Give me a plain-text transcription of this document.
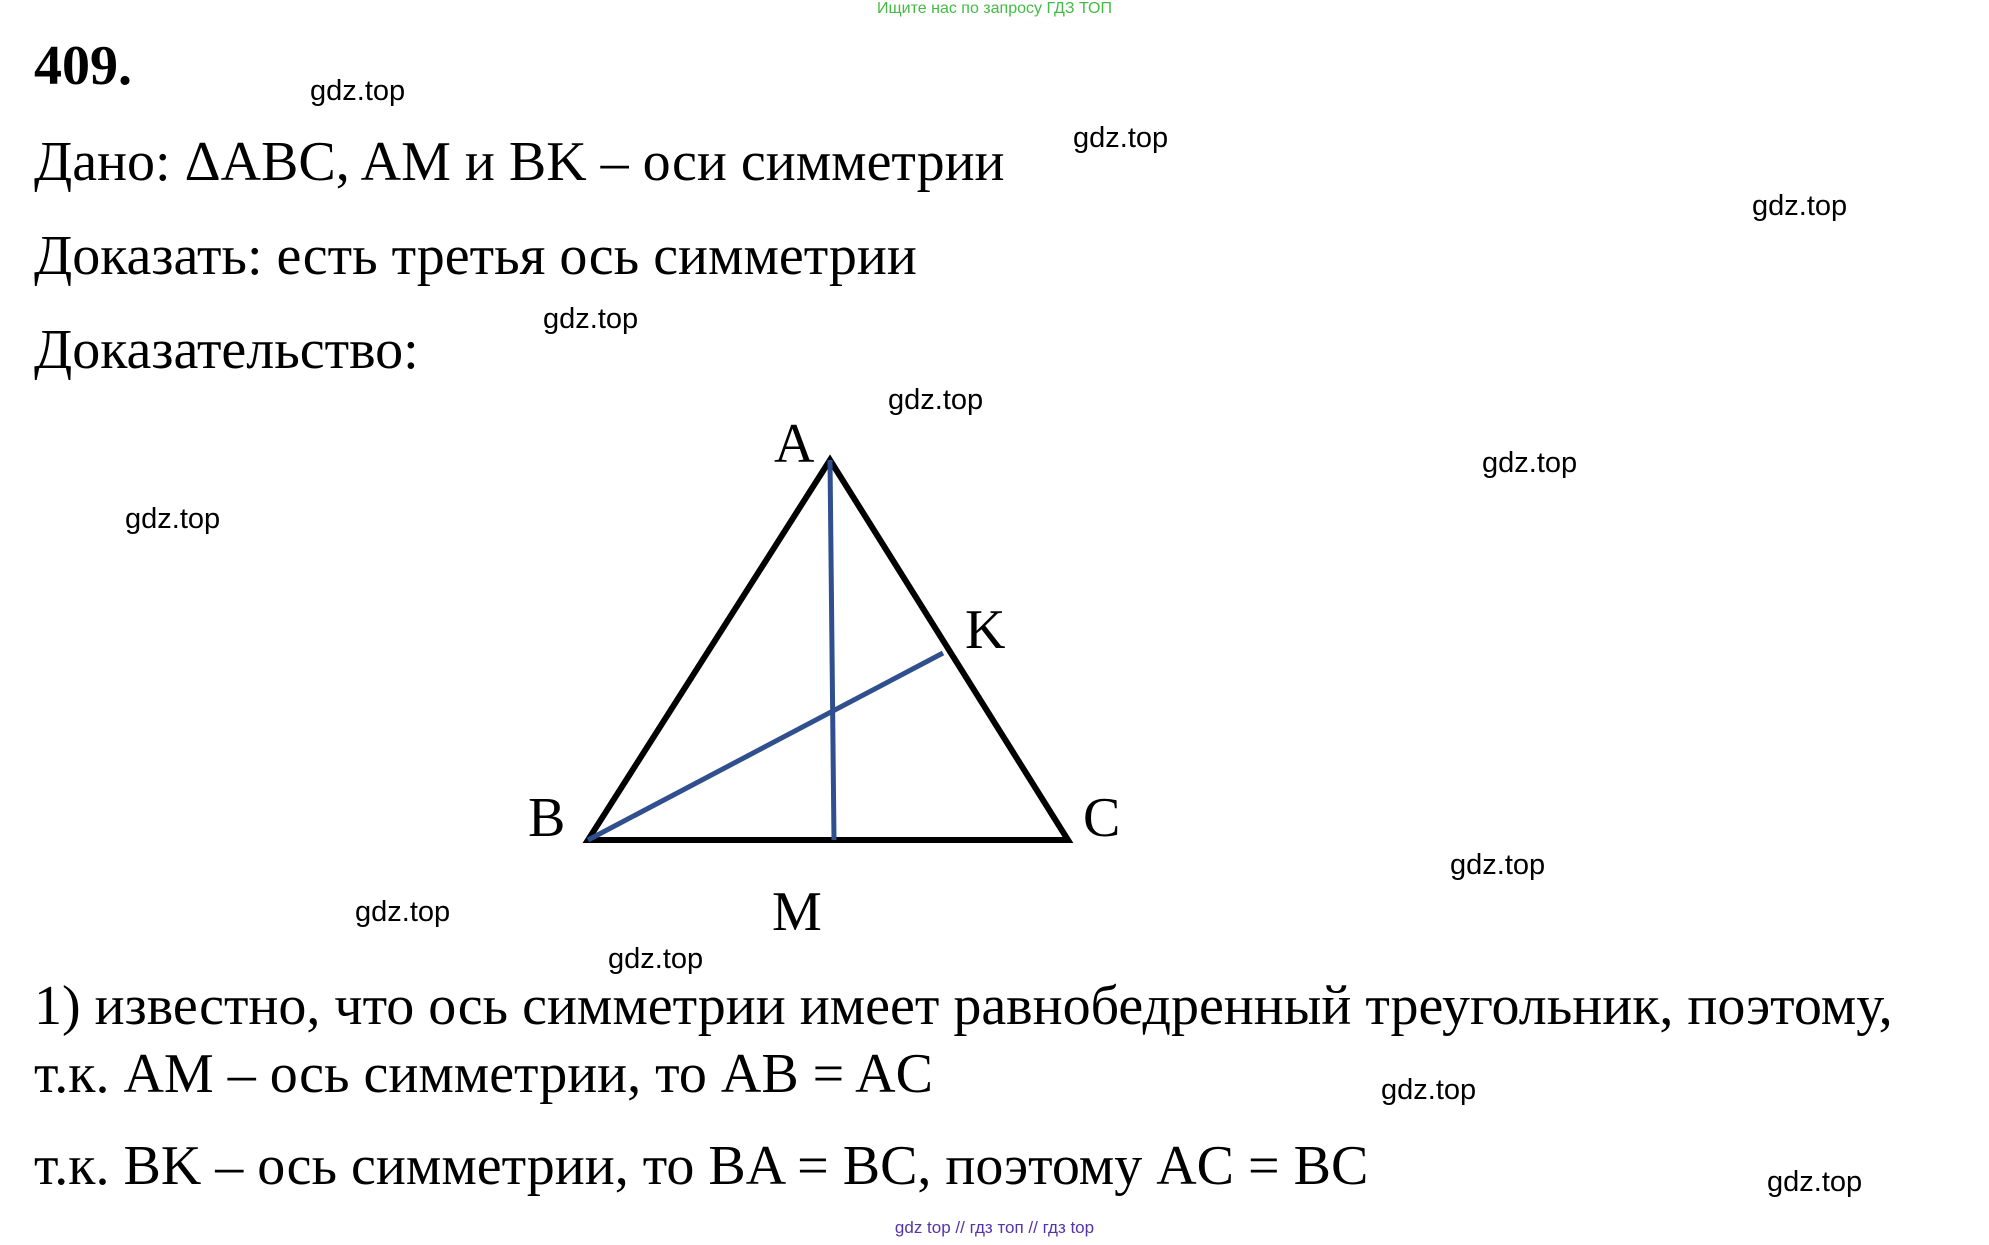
Ищите нас по запросу ГДЗ ТОП
409.
Дано: ΔABC, AM и BK – оси симметрии
Доказать: есть третья ось симметрии
Доказательство:
A
K
B	C
M
1) известно, что ось симметрии имеет равнобедренный треугольник, поэтому,
т.к. AM – ось симметрии, то AB = AC
т.к. BK – ось симметрии, то BA = BC, поэтому AC = BC
gdz.top
gdz.top
gdz.top
gdz.top
gdz.top
gdz.top
gdz.top
gdz.top
gdz.top
gdz.top
gdz.top
gdz.top
gdz top // гдз топ // гдз top
